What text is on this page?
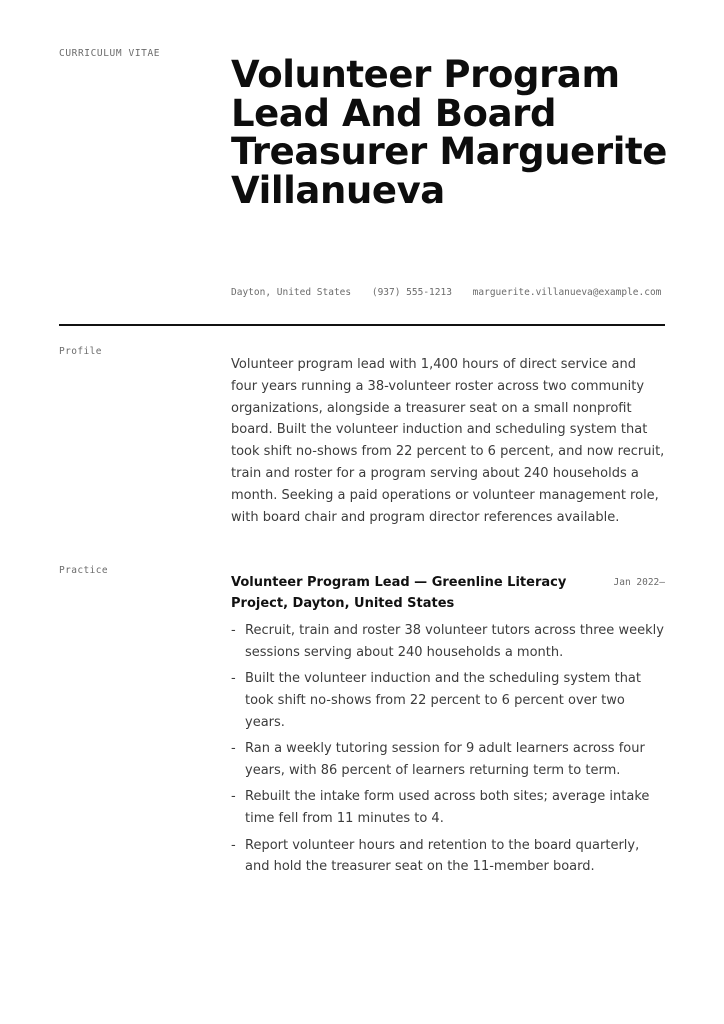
CURRICULUM VITAE Volunteer Program Lead And Board Treasurer Marguerite Villanueva
Dayton, United States (937) 555-1213 marguerite.villanueva@example.com
Profile

Volunteer program lead with 1,400 hours of direct service and four years running a 38-volunteer roster across two community organizations, alongside a treasurer seat on a small nonprofit board. Built the volunteer induction and scheduling system that took shift no-shows from 22 percent to 6 percent, and now recruit, train and roster for a program serving about 240 households a month. Seeking a paid operations or volunteer management role, with board chair and program director references available.

Practice

Volunteer Program Lead — Greenline Literacy Project, Dayton, United States

Jan 2022–
- Recruit, train and roster 38 volunteer tutors across three weekly sessions serving about 240 households a month.
- Built the volunteer induction and the scheduling system that took shift no-shows from 22 percent to 6 percent over two years.
- Ran a weekly tutoring session for 9 adult learners across four years, with 86 percent of learners returning term to term.
- Rebuilt the intake form used across both sites; average intake time fell from 11 minutes to 4.
- Report volunteer hours and retention to the board quarterly, and hold the treasurer seat on the 11-member board.
